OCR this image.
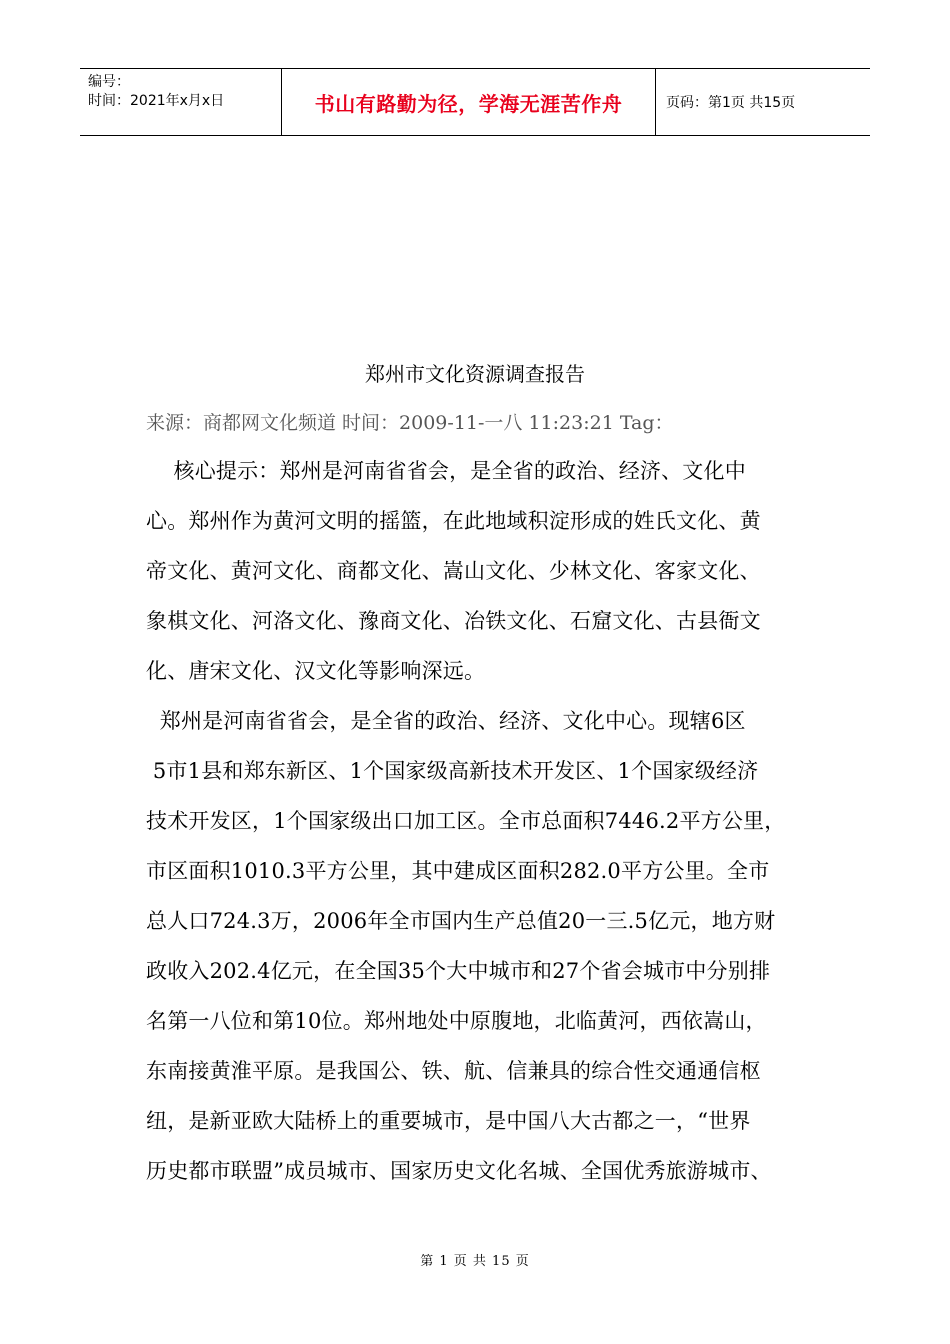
编号：
时间：2021年x月x日	书山有路勤为径，学海无涯苦作舟	页码：第1页 共15页
郑州市文化资源调查报告
来源：商都网文化频道 时间：2009-11-一八 11:23:21 Tag：

核心提示：郑州是河南省省会，是全省的政治、经济、文化中
心。郑州作为黄河文明的摇篮，在此地域积淀形成的姓氏文化、黄
帝文化、黄河文化、商都文化、嵩山文化、少林文化、客家文化、
象棋文化、河洛文化、豫商文化、冶铁文化、石窟文化、古县衙文
化、唐宋文化、汉文化等影响深远。

郑州是河南省省会，是全省的政治、经济、文化中心。现辖6区
5市1县和郑东新区、1个国家级高新技术开发区、1个国家级经济
技术开发区，1个国家级出口加工区。全市总面积7446.2平方公里，
市区面积1010.3平方公里，其中建成区面积282.0平方公里。全市
总人口724.3万，2006年全市国内生产总值20一三.5亿元，地方财
政收入202.4亿元，在全国35个大中城市和27个省会城市中分别排
名第一八位和第10位。郑州地处中原腹地，北临黄河，西依嵩山，
东南接黄淮平原。是我国公、铁、航、信兼具的综合性交通通信枢
纽，是新亚欧大陆桥上的重要城市，是中国八大古都之一，“世界
历史都市联盟”成员城市、国家历史文化名城、全国优秀旅游城市、

第 1 页 共 15 页
